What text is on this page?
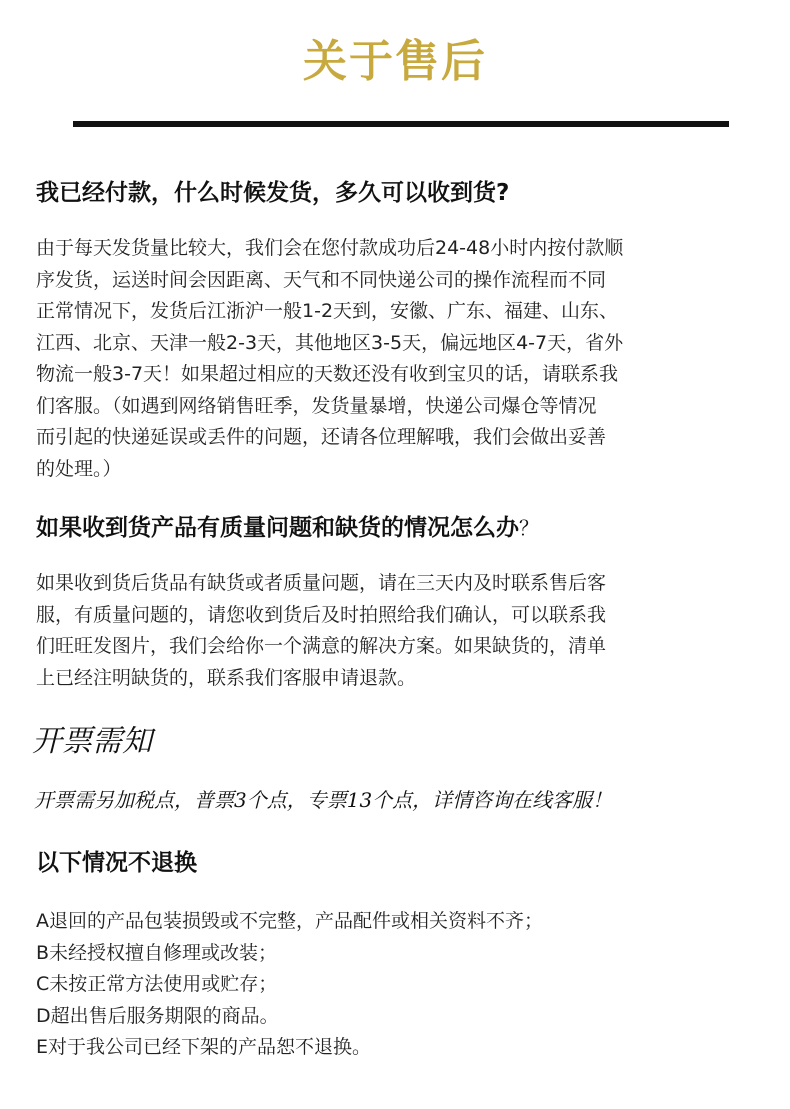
关于售后
我已经付款，什么时候发货，多久可以收到货?

由于每天发货量比较大，我们会在您付款成功后24-48小时内按付款顺

序发货，运送时间会因距离、天气和不同快递公司的操作流程而不同

正常情况下，发货后江浙沪一般1-2天到，安徽、广东、福建、山东、

江西、北京、天津一般2-3天，其他地区3-5天，偏远地区4-7天，省外

物流一般3-7天！如果超过相应的天数还没有收到宝贝的话，请联系我

们客服。（如遇到网络销售旺季，发货量暴增，快递公司爆仓等情况

而引起的快递延误或丢件的问题，还请各位理解哦，我们会做出妥善

的处理。）

如果收到货产品有质量问题和缺货的情况怎么办？

如果收到货后货品有缺货或者质量问题，请在三天内及时联系售后客

服，有质量问题的，请您收到货后及时拍照给我们确认，可以联系我

们旺旺发图片，我们会给你一个满意的解决方案。如果缺货的，清单

上已经注明缺货的，联系我们客服申请退款。

开票需知
开票需另加税点，普票3个点，专票13个点，详情咨询在线客服！
以下情况不退换
A退回的产品包装损毁或不完整，产品配件或相关资料不齐；
B未经授权擅自修理或改装；
C未按正常方法使用或贮存；
D超出售后服务期限的商品。
E对于我公司已经下架的产品恕不退换。
